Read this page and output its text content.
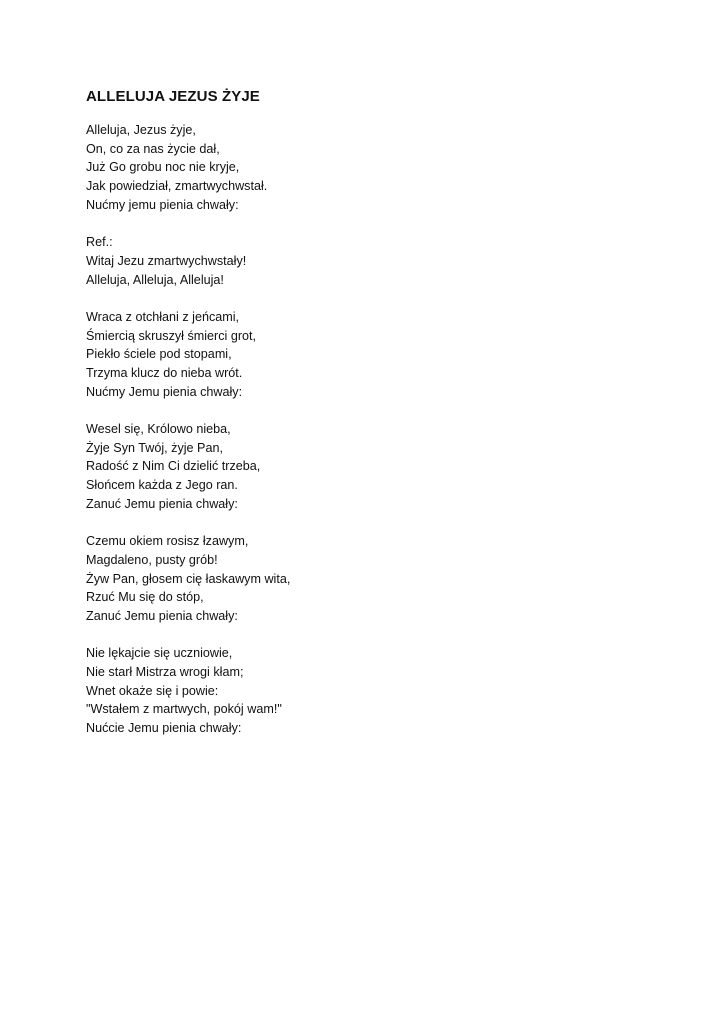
ALLELUJA JEZUS ŻYJE
Alleluja, Jezus żyje,
On, co za nas życie dał,
Już Go grobu noc nie kryje,
Jak powiedział, zmartwychwstał.
Nućmy jemu pienia chwały:
Ref.:
Witaj Jezu zmartwychwstały!
Alleluja, Alleluja, Alleluja!
Wraca z otchłani z jeńcami,
Śmiercią skruszył śmierci grot,
Piekło ściele pod stopami,
Trzyma klucz do nieba wrót.
Nućmy Jemu pienia chwały:
Wesel się, Królowo nieba,
Żyje Syn Twój, żyje Pan,
Radość z Nim Ci dzielić trzeba,
Słońcem każda z Jego ran.
Zanuć Jemu pienia chwały:
Czemu okiem rosisz łzawym,
Magdaleno, pusty grób!
Żyw Pan, głosem cię łaskawym wita,
Rzuć Mu się do stóp,
Zanuć Jemu pienia chwały:
Nie lękajcie się uczniowie,
Nie starł Mistrza wrogi kłam;
Wnet okaże się i powie:
"Wstałem z martwych, pokój wam!"
Nućcie Jemu pienia chwały:
